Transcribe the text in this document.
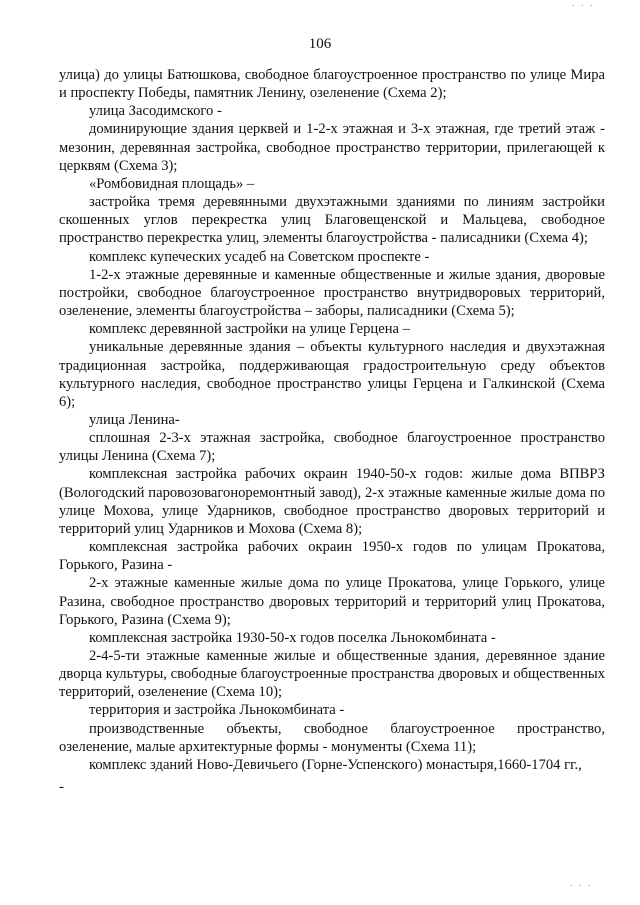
. . .
106

улица) до улицы Батюшкова, свободное благоустроенное пространство по улице Мира и проспекту Победы, памятник Ленину, озеленение (Схема 2);

улица Засодимского -

доминирующие здания церквей и 1-2-х этажная и 3-х этажная, где третий этаж - мезонин, деревянная застройка, свободное пространство территории, прилегающей к церквям (Схема 3);

«Ромбовидная площадь» –

застройка тремя деревянными двухэтажными зданиями по линиям застройки скошенных углов перекрестка улиц Благовещенской и Мальцева, свободное пространство перекрестка улиц, элементы благоустройства - палисадники (Схема 4);

комплекс купеческих усадеб на Советском проспекте -

1-2-х этажные деревянные и каменные общественные и жилые здания, дворовые постройки, свободное благоустроенное пространство внутридворовых территорий, озеленение, элементы благоустройства – заборы, палисадники (Схема 5);

комплекс деревянной застройки на улице Герцена –

уникальные деревянные здания – объекты культурного наследия и двухэтажная традиционная застройка, поддерживающая градостроительную среду объектов культурного наследия, свободное пространство улицы Герцена и Галкинской (Схема 6);

улица Ленина-

сплошная 2-3-х этажная застройка, свободное благоустроенное пространство улицы Ленина (Схема 7);

комплексная застройка рабочих окраин 1940-50-х годов: жилые дома ВПВРЗ (Вологодский паровозовагоноремонтный завод), 2-х этажные каменные жилые дома по улице Мохова, улице Ударников, свободное пространство дворовых территорий и территорий улиц Ударников и Мохова (Схема 8);

комплексная застройка рабочих окраин 1950-х годов по улицам Прокатова, Горького, Разина -

2-х этажные каменные жилые дома по улице Прокатова, улице Горького, улице Разина, свободное пространство дворовых территорий и территорий улиц Прокатова, Горького, Разина (Схема 9);

комплексная застройка 1930-50-х годов поселка Льнокомбината -

2-4-5-ти этажные каменные жилые и общественные здания, деревянное здание дворца культуры, свободные благоустроенные пространства дворовых и общественных территорий, озеленение (Схема 10);

территория и застройка Льнокомбината -

производственные объекты, свободное благоустроенное пространство, озеленение, малые архитектурные формы - монументы (Схема 11);

комплекс зданий Ново-Девичьего (Горне-Успенского) монастыря,1660-1704 гг.,

-
. . .
